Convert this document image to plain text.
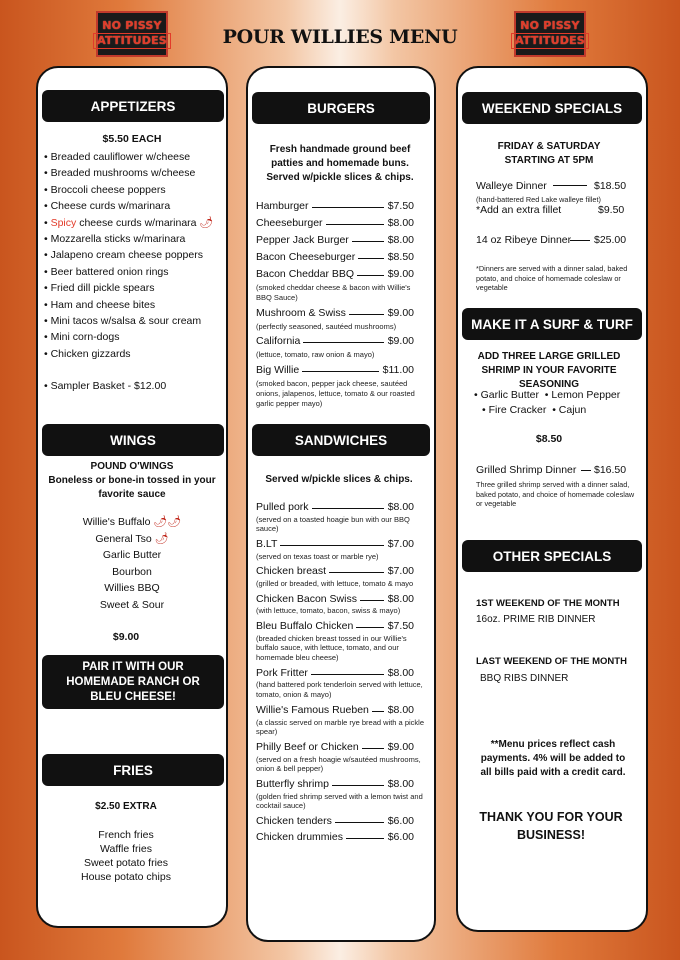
NO PISSY
ATTITUDES
NO PISSY
ATTITUDES
POUR WILLIES MENU
APPETIZERS
$5.50 EACH
• Breaded cauliflower w/cheese
• Breaded mushrooms w/cheese
• Broccoli cheese poppers
• Cheese curds w/marinara
• Spicy cheese curds w/marinara 🌶
• Mozzarella sticks w/marinara
• Jalapeno cream cheese poppers
• Beer battered onion rings
• Fried dill pickle spears
• Ham and cheese bites
• Mini tacos w/salsa & sour cream
• Mini corn-dogs
• Chicken gizzards
• Sampler Basket - $12.00
WINGS
POUND O'WINGS
Boneless or bone-in tossed in your favorite sauce
Willie's Buffalo 🌶🌶
General Tso 🌶
Garlic Butter
Bourbon
Willies BBQ
Sweet & Sour
$9.00
PAIR IT WITH OUR HOMEMADE RANCH OR BLEU CHEESE!
FRIES
$2.50 EXTRA
French fries
Waffle fries
Sweet potato fries
House potato chips
BURGERS
Fresh handmade ground beef patties and homemade buns. Served w/pickle slices & chips.
Hamburger	$7.50
Cheeseburger	$8.00
Pepper Jack Burger	$8.00
Bacon Cheeseburger	$8.50
Bacon Cheddar BBQ	$9.00
(smoked cheddar cheese & bacon with Willie's BBQ Sauce)
Mushroom & Swiss	$9.00
(perfectly seasoned, sautéed mushrooms)
California	$9.00
(lettuce, tomato, raw onion & mayo)
Big Willie	$11.00
(smoked bacon, pepper jack cheese, sautéed onions, jalapenos, lettuce, tomato & our roasted garlic pepper mayo)
SANDWICHES
Served w/pickle slices & chips.
Pulled pork	$8.00
(served on a toasted hoagie bun with our BBQ sauce)
B.LT	$7.00
(served on texas toast or marble rye)
Chicken breast	$7.00
(grilled or breaded, with lettuce, tomato & mayo
Chicken Bacon Swiss	$8.00
(with lettuce, tomato, bacon, swiss & mayo)
Bleu Buffalo Chicken	$7.50
(breaded chicken breast tossed in our Willie's buffalo sauce, with lettuce, tomato, and our homemade bleu cheese)
Pork Fritter	$8.00
(hand battered pork tenderloin served with lettuce, tomato, onion & mayo)
Willie's Famous Rueben $8.00
(a classic served on marble rye bread with a pickle spear)
Philly Beef or Chicken	$9.00
(served on a fresh hoagie w/sautéed mushrooms, onion & bell pepper)
Butterfly shrimp	$8.00
(golden fried shrimp served with a lemon twist and cocktail sauce)
Chicken tenders	$6.00
Chicken drummies	$6.00
WEEKEND SPECIALS
FRIDAY & SATURDAY
STARTING AT 5PM
Walleye Dinner	$18.50
(hand-battered Red Lake walleye fillet)
*Add an extra fillet	$9.50
14 oz Ribeye Dinner $25.00
*Dinners are served with a dinner salad, baked potato, and choice of homemade coleslaw or vegetable
MAKE IT A SURF & TURF
ADD THREE LARGE GRILLED SHRIMP IN YOUR FAVORITE SEASONING
• Garlic Butter  • Lemon Pepper
• Fire Cracker  • Cajun
$8.50
Grilled Shrimp Dinner $16.50
Three grilled shrimp served with a dinner salad, baked potato, and choice of homemade coleslaw or vegetable
OTHER SPECIALS
1ST WEEKEND OF THE MONTH
16oz. PRIME RIB DINNER
LAST WEEKEND OF THE MONTH
BBQ RIBS DINNER
**Menu prices reflect cash payments. 4% will be added to all bills paid with a credit card.
THANK YOU FOR YOUR BUSINESS!
menupix
